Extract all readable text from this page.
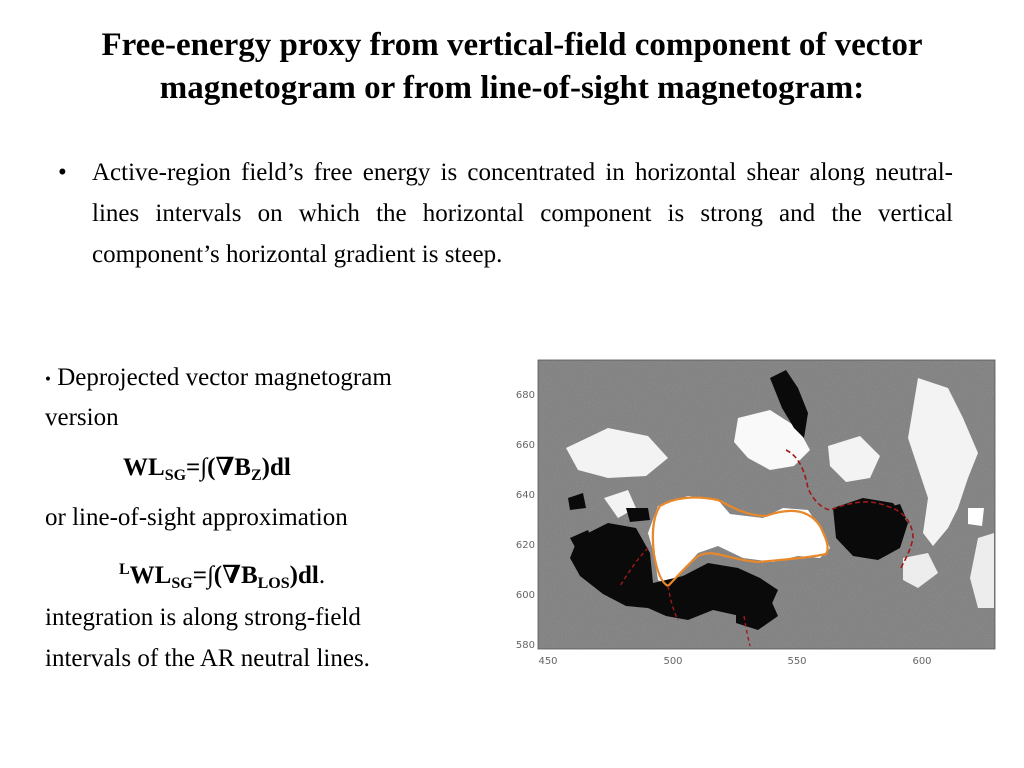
Free-energy proxy from vertical-field component of vector magnetogram or from line-of-sight magnetogram:
• Active-region field’s free energy is concentrated in horizontal shear along neutral-lines intervals on which the horizontal component is strong and the vertical component’s horizontal gradient is steep.
• Deprojected vector magnetogram
version
$WL_{SG}=\int(\nabla B_Z)dl$
or line-of-sight approximation
$^LWL_{SG}=\int(\nabla B_{LOS})dl$.
integration is along strong-field
intervals of the AR neutral lines.
680
660
640
620
600
580
450	500	550	600
